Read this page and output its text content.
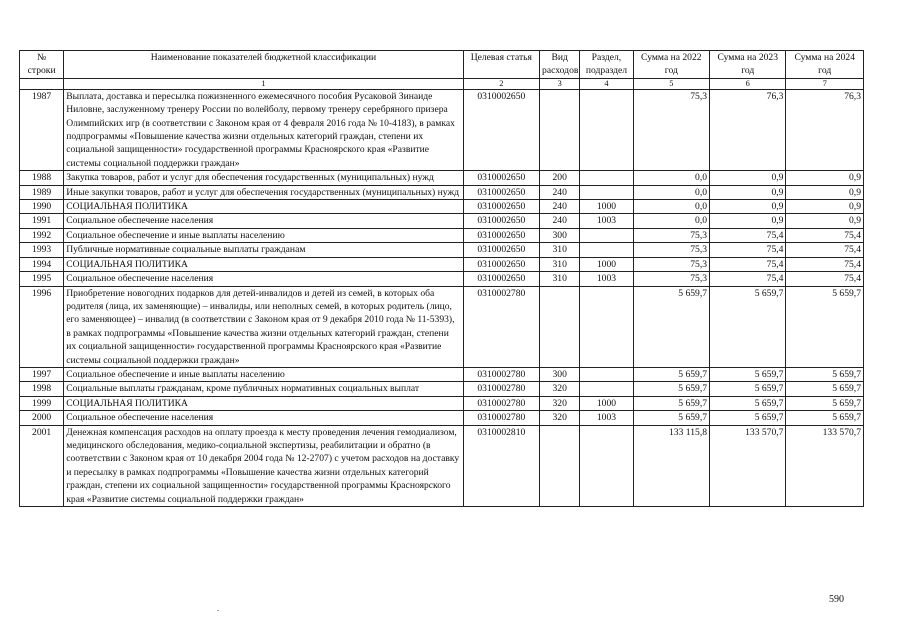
№ строки	Наименование показателей бюджетной классификации	Целевая статья	Вид расходов	Раздел, подраздел	Сумма на 2022 год	Сумма на 2023 год	Сумма на 2024 год
	1	2	3	4	5	6	7
1987	Выплата, доставка и пересылка пожизненного ежемесячного пособия Русаковой Зинаиде Ниловне, заслуженному тренеру России по волейболу, первому тренеру серебряного призера Олимпийских игр (в соответствии с Законом края от 4 февраля 2016 года № 10-4183), в рамках подпрограммы «Повышение качества жизни отдельных категорий граждан, степени их социальной защищенности» государственной программы Красноярского края «Развитие системы социальной поддержки граждан»	0310002650			75,3	76,3	76,3
1988	Закупка товаров, работ и услуг для обеспечения государственных (муниципальных) нужд	0310002650	200		0,0	0,9	0,9
1989	Иные закупки товаров, работ и услуг для обеспечения государственных (муниципальных) нужд	0310002650	240		0,0	0,9	0,9
1990	СОЦИАЛЬНАЯ ПОЛИТИКА	0310002650	240	1000	0,0	0,9	0,9
1991	Социальное обеспечение населения	0310002650	240	1003	0,0	0,9	0,9
1992	Социальное обеспечение и иные выплаты населению	0310002650	300		75,3	75,4	75,4
1993	Публичные нормативные социальные выплаты гражданам	0310002650	310		75,3	75,4	75,4
1994	СОЦИАЛЬНАЯ ПОЛИТИКА	0310002650	310	1000	75,3	75,4	75,4
1995	Социальное обеспечение населения	0310002650	310	1003	75,3	75,4	75,4
1996	Приобретение новогодних подарков для детей-инвалидов и детей из семей, в которых оба родителя (лица, их заменяющие) – инвалиды, или неполных семей, в которых родитель (лицо, его заменяющее) – инвалид (в соответствии с Законом края от 9 декабря 2010 года № 11-5393), в рамках подпрограммы «Повышение качества жизни отдельных категорий граждан, степени их социальной защищенности» государственной программы Красноярского края «Развитие системы социальной поддержки граждан»	0310002780			5 659,7	5 659,7	5 659,7
1997	Социальное обеспечение и иные выплаты населению	0310002780	300		5 659,7	5 659,7	5 659,7
1998	Социальные выплаты гражданам, кроме публичных нормативных социальных выплат	0310002780	320		5 659,7	5 659,7	5 659,7
1999	СОЦИАЛЬНАЯ ПОЛИТИКА	0310002780	320	1000	5 659,7	5 659,7	5 659,7
2000	Социальное обеспечение населения	0310002780	320	1003	5 659,7	5 659,7	5 659,7
2001	Денежная компенсация расходов на оплату проезда к месту проведения лечения гемодиализом, медицинского обследования, медико-социальной экспертизы, реабилитации и обратно (в соответствии с Законом края от 10 декабря 2004 года № 12-2707) с учетом расходов на доставку и пересылку в рамках подпрограммы «Повышение качества жизни отдельных категорий граждан, степени их социальной защищенности» государственной программы Красноярского края «Развитие системы социальной поддержки граждан»	0310002810			133 115,8	133 570,7	133 570,7
.
590
